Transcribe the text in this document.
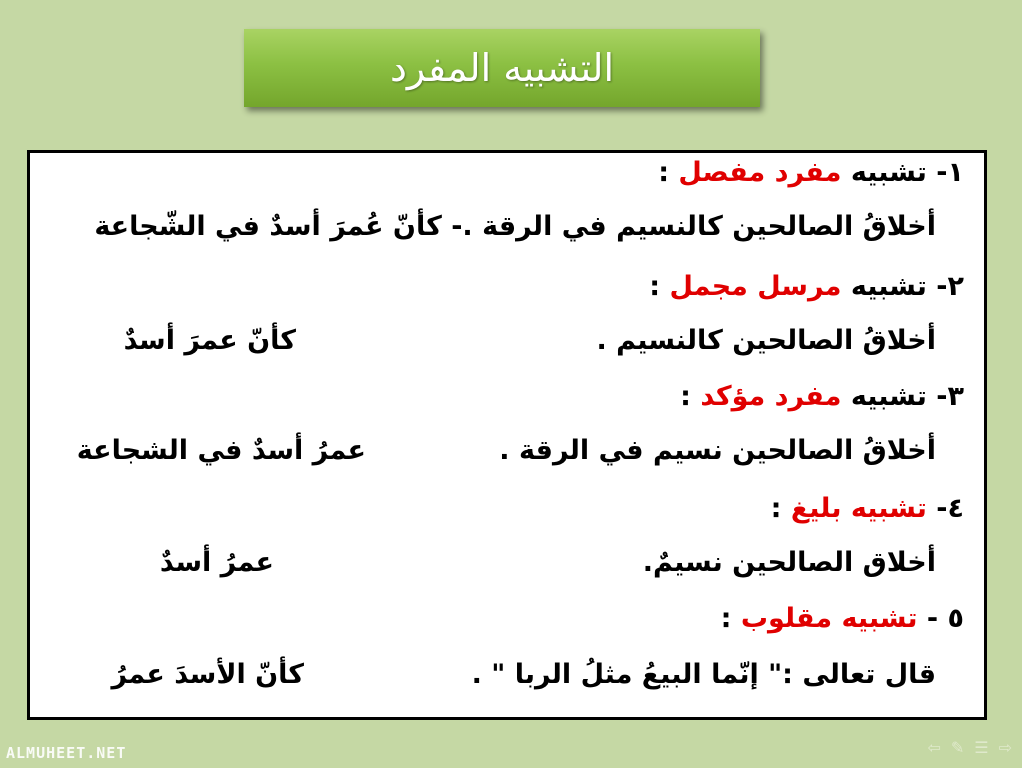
التشبيه المفرد
١- تشبيه مفرد مفصل :
أخلاقُ الصالحين كالنسيم في الرقة .- كأنّ عُمرَ أسدٌ في الشّجاعة
٢- تشبيه مرسل مجمل :
أخلاقُ الصالحين كالنسيم .
كأنّ عمرَ أسدٌ
٣- تشبيه مفرد مؤكد :
أخلاقُ الصالحين نسيم في الرقة .
عمرُ أسدٌ في الشجاعة
٤- تشبيه بليغ :
أخلاق الصالحين نسيمٌ.
عمرُ أسدٌ
٥ - تشبيه مقلوب :
قال تعالى :" إنّما البيعُ مثلُ الربا " .
كأنّ الأسدَ عمرُ
ALMUHEET.NET	⇦ ✎ ☰ ⇨
